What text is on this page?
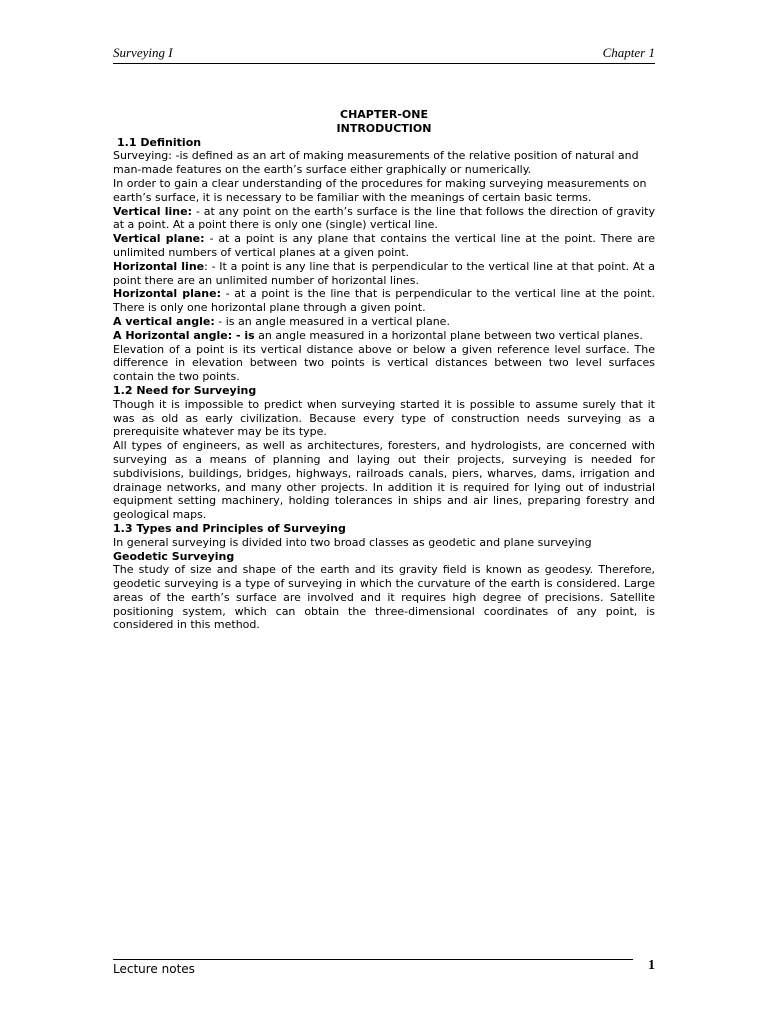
Surveying I	Chapter 1

CHAPTER-ONE

INTRODUCTION

1.1 Definition

Surveying: -is defined as an art of making measurements of the relative position of natural and man-made features on the earth’s surface either graphically or numerically.

In order to gain a clear understanding of the procedures for making surveying measurements on earth’s surface, it is necessary to be familiar with the meanings of certain basic terms.

Vertical line: - at any point on the earth’s surface is the line that follows the direction of gravity at a point. At a point there is only one (single) vertical line.

Vertical plane: - at a point is any plane that contains the vertical line at the point. There are unlimited numbers of vertical planes at a given point.

Horizontal line: - It a point is any line that is perpendicular to the vertical line at that point. At a point there are an unlimited number of horizontal lines.

Horizontal plane: - at a point is the line that is perpendicular to the vertical line at the point. There is only one horizontal plane through a given point.

A vertical angle: - is an angle measured in a vertical plane.

A Horizontal angle: - is an angle measured in a horizontal plane between two vertical planes.

Elevation of a point is its vertical distance above or below a given reference level surface. The difference in elevation between two points is vertical distances between two level surfaces contain the two points.

1.2 Need for Surveying

Though it is impossible to predict when surveying started it is possible to assume surely that it was as old as early civilization. Because every type of construction needs surveying as a prerequisite whatever may be its type.

All types of engineers, as well as architectures, foresters, and hydrologists, are concerned with surveying as a means of planning and laying out their projects, surveying is needed for subdivisions, buildings, bridges, highways, railroads canals, piers, wharves, dams, irrigation and drainage networks, and many other projects. In addition it is required for lying out of industrial equipment setting machinery, holding tolerances in ships and air lines, preparing forestry and geological maps.

1.3 Types and Principles of Surveying

In general surveying is divided into two broad classes as geodetic and plane surveying

Geodetic Surveying

The study of size and shape of the earth and its gravity field is known as geodesy. Therefore, geodetic surveying is a type of surveying in which the curvature of the earth is considered. Large areas of the earth’s surface are involved and it requires high degree of precisions. Satellite positioning system, which can obtain the three-dimensional coordinates of any point, is considered in this method.

Lecture notes	1
